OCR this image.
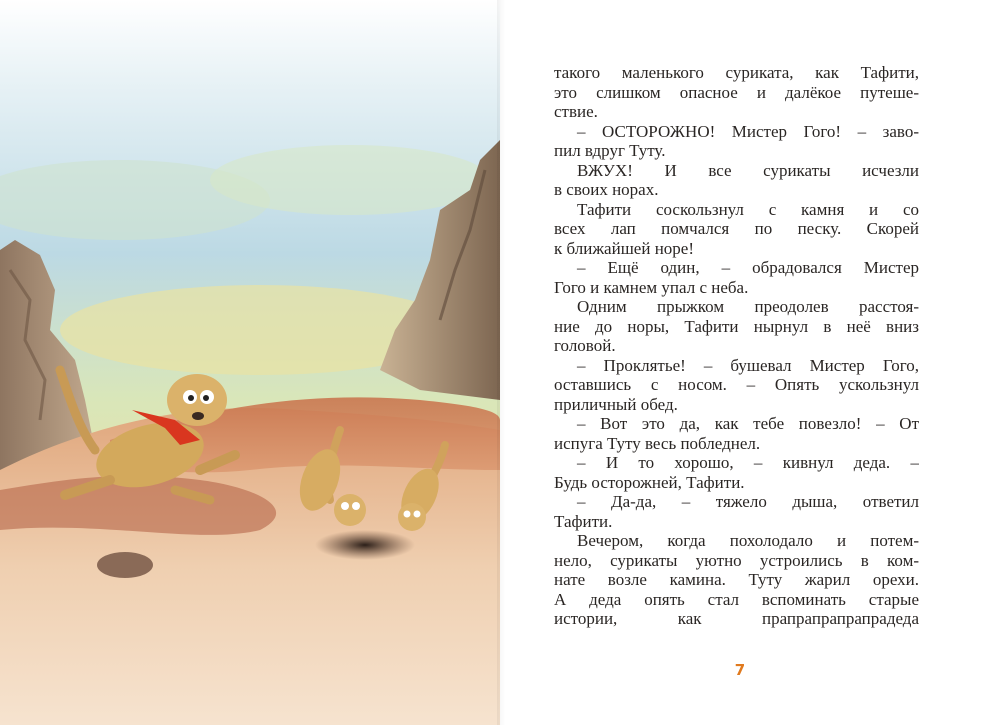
такого маленького суриката, как Тафити,
это слишком опасное и далёкое путеше-
ствие.
– ОСТОРОЖНО! Мистер Гого! – заво-
пил вдруг Туту.
ВЖУХ! И все сурикаты исчезли
в своих норах.
Тафити соскользнул с камня и со
всех лап помчался по песку. Скорей
к ближайшей норе!
– Ещё один, – обрадовался Мистер
Гого и камнем упал с неба.
Одним прыжком преодолев расстоя-
ние до норы, Тафити нырнул в неё вниз
головой.
– Проклятье! – бушевал Мистер Гого,
оставшись с носом. – Опять ускользнул
приличный обед.
– Вот это да, как тебе повезло! – От
испуга Туту весь побледнел.
– И то хорошо, – кивнул деда. –
Будь осторожней, Тафити.
– Да-да, – тяжело дыша, ответил
Тафити.
Вечером, когда похолодало и потем-
нело, сурикаты уютно устроились в ком-
нате возле камина. Туту жарил орехи.
А деда опять стал вспоминать старые
истории, как прапрапрапрапрадеда
7
